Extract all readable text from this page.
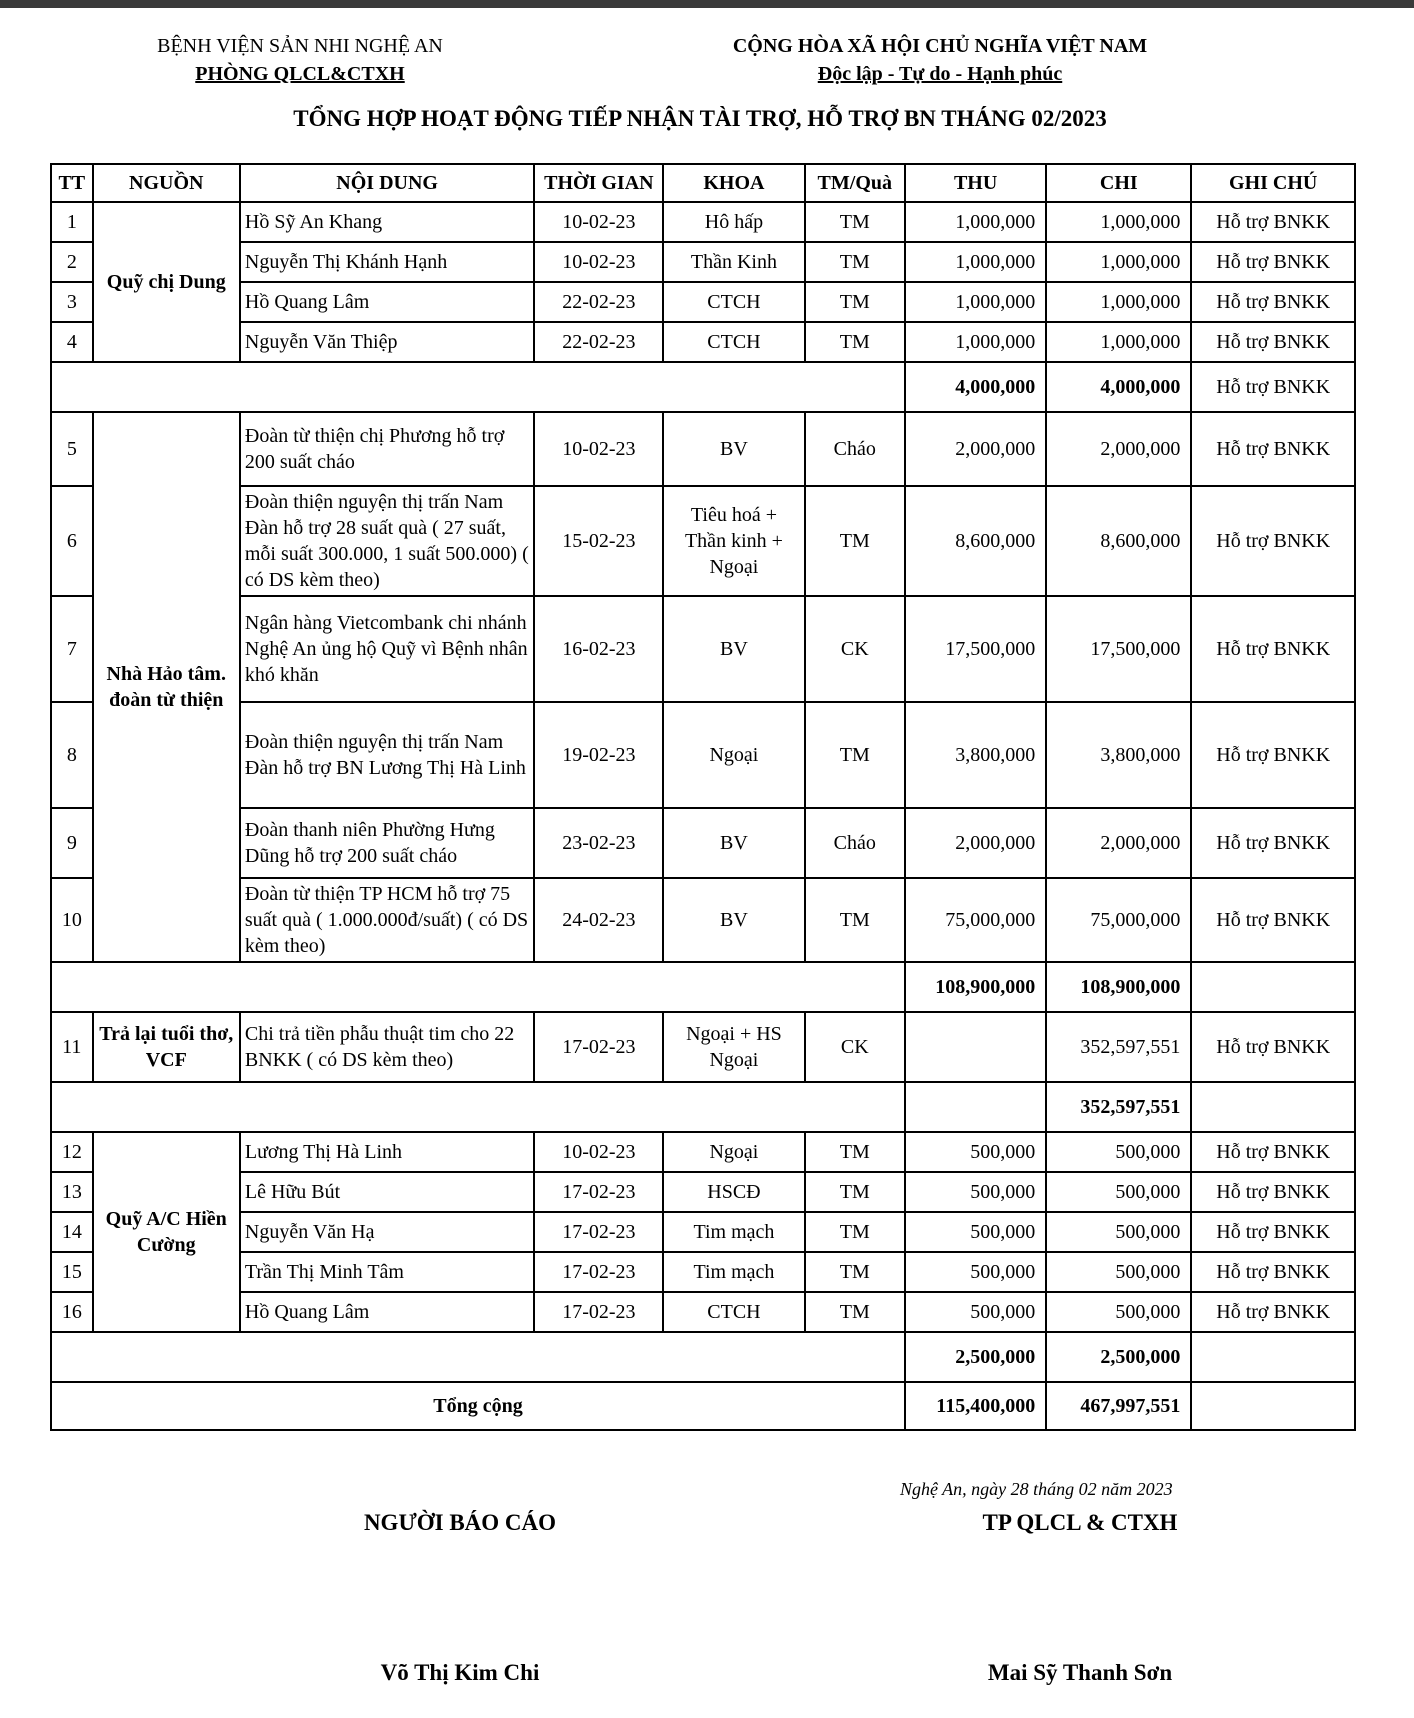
BỆNH VIỆN SẢN NHI NGHỆ AN
PHÒNG QLCL&CTXH
CỘNG HÒA XÃ HỘI CHỦ NGHĨA VIỆT NAM
Độc lập - Tự do - Hạnh phúc
TỔNG HỢP HOẠT ĐỘNG TIẾP NHẬN TÀI TRỢ, HỖ TRỢ BN THÁNG 02/2023
TT	NGUỒN	NỘI DUNG	THỜI GIAN	KHOA	TM/Quà	THU	CHI	GHI CHÚ
1	Quỹ chị Dung	Hồ Sỹ An Khang	10-02-23	Hô hấp	TM	1,000,000	1,000,000	Hỗ trợ BNKK
2		Nguyễn Thị Khánh Hạnh	10-02-23	Thần Kinh	TM	1,000,000	1,000,000	Hỗ trợ BNKK
3		Hồ Quang Lâm	22-02-23	CTCH	TM	1,000,000	1,000,000	Hỗ trợ BNKK
4		Nguyễn Văn Thiệp	22-02-23	CTCH	TM	1,000,000	1,000,000	Hỗ trợ BNKK
						4,000,000	4,000,000	Hỗ trợ BNKK
5	Nhà Hảo tâm. đoàn từ thiện	Đoàn từ thiện chị Phương hỗ trợ 200 suất cháo	10-02-23	BV	Cháo	2,000,000	2,000,000	Hỗ trợ BNKK
6		Đoàn thiện nguyện thị trấn Nam Đàn hỗ trợ 28 suất quà ( 27 suất, mỗi suất 300.000, 1 suất 500.000) ( có DS kèm theo)	15-02-23	Tiêu hoá + Thần kinh + Ngoại	TM	8,600,000	8,600,000	Hỗ trợ BNKK
7		Ngân hàng Vietcombank chi nhánh Nghệ An ủng hộ Quỹ vì Bệnh nhân khó khăn	16-02-23	BV	CK	17,500,000	17,500,000	Hỗ trợ BNKK
8		Đoàn thiện nguyện thị trấn Nam Đàn hỗ trợ BN Lương Thị Hà Linh	19-02-23	Ngoại	TM	3,800,000	3,800,000	Hỗ trợ BNKK
9		Đoàn thanh niên Phường Hưng Dũng hỗ trợ 200 suất cháo	23-02-23	BV	Cháo	2,000,000	2,000,000	Hỗ trợ BNKK
10		Đoàn từ thiện TP HCM hỗ trợ 75 suất quà ( 1.000.000đ/suất) ( có DS kèm theo)	24-02-23	BV	TM	75,000,000	75,000,000	Hỗ trợ BNKK
						108,900,000	108,900,000	
11	Trả lại tuổi thơ, VCF	Chi trả tiền phẫu thuật tim cho 22 BNKK ( có DS kèm theo)	17-02-23	Ngoại + HS Ngoại	CK		352,597,551	Hỗ trợ BNKK
							352,597,551	
12	Quỹ A/C Hiền Cường	Lương Thị Hà Linh	10-02-23	Ngoại	TM	500,000	500,000	Hỗ trợ BNKK
13		Lê Hữu Bút	17-02-23	HSCĐ	TM	500,000	500,000	Hỗ trợ BNKK
14		Nguyễn Văn Hạ	17-02-23	Tim mạch	TM	500,000	500,000	Hỗ trợ BNKK
15		Trần Thị Minh Tâm	17-02-23	Tim mạch	TM	500,000	500,000	Hỗ trợ BNKK
16		Hồ Quang Lâm	17-02-23	CTCH	TM	500,000	500,000	Hỗ trợ BNKK
						2,500,000	2,500,000	
Tổng cộng						115,400,000	467,997,551	
Nghệ An, ngày 28 tháng 02 năm 2023
NGƯỜI BÁO CÁO	TP QLCL & CTXH
Võ Thị Kim Chi	Mai Sỹ Thanh Sơn
